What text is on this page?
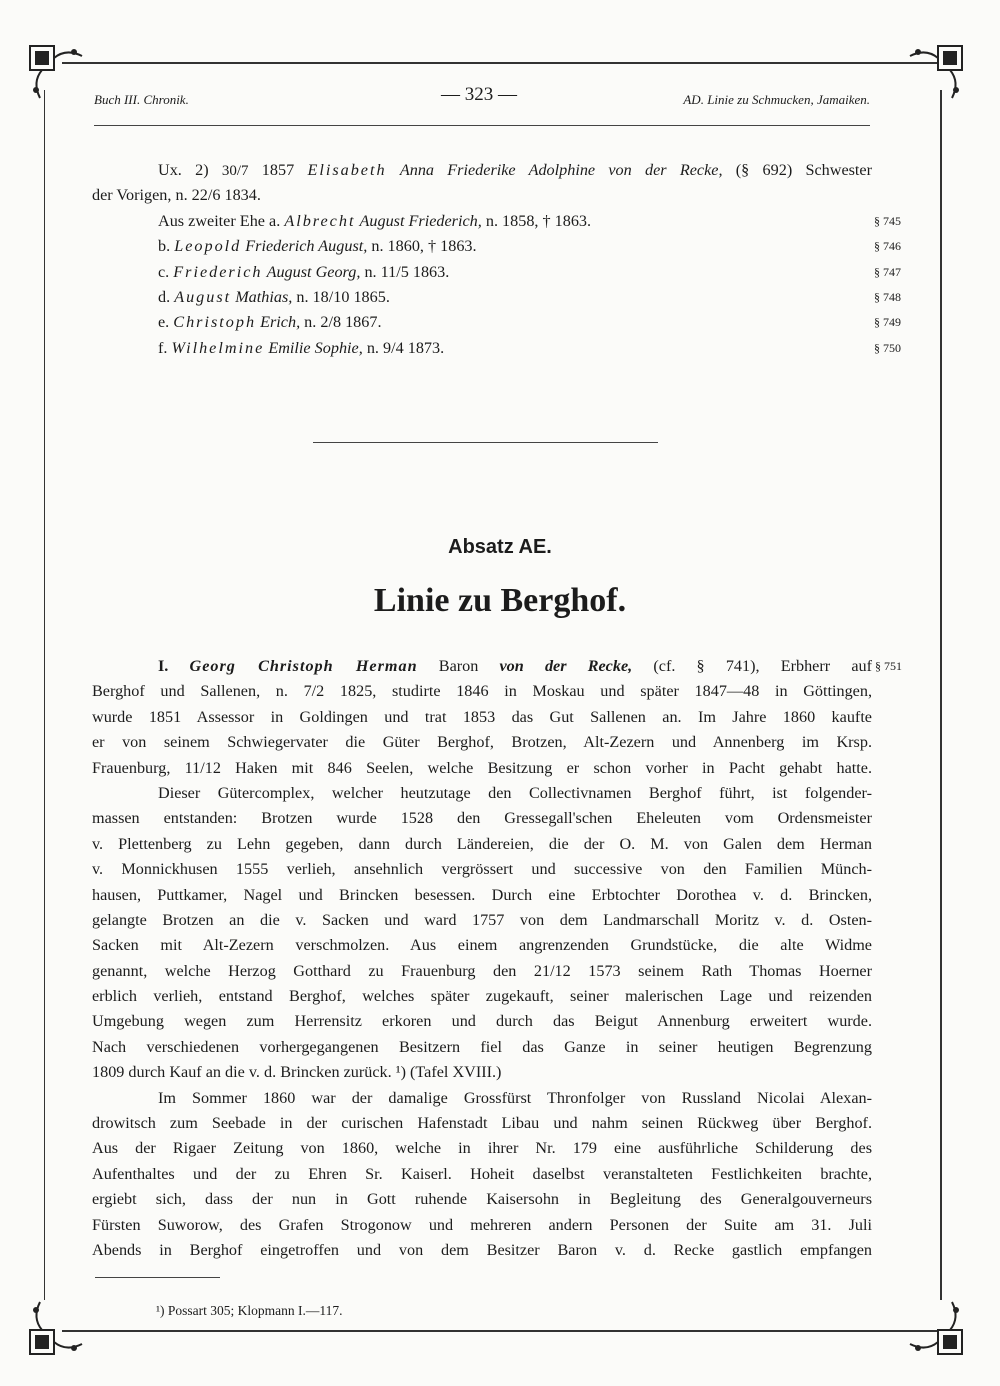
Buch III. Chronik.	— 323 —	AD. Linie zu Schmucken, Jamaiken.
Ux. 2) 30/7 1857 Elisabeth Anna Friederike Adolphine von der Recke, (§ 692) Schwester
der Vorigen, n. 22/6 1834.
Aus zweiter Ehe a. Albrecht August Friederich, n. 1858, † 1863.	§ 745
b. Leopold Friederich August, n. 1860, † 1863.	§ 746
c. Friederich August Georg, n. 11/5 1863.	§ 747
d. August Mathias, n. 18/10 1865.	§ 748
e. Christoph Erich, n. 2/8 1867.	§ 749
f. Wilhelmine Emilie Sophie, n. 9/4 1873.	§ 750
Absatz AE.
Linie zu Berghof.
I. Georg Christoph Herman Baron von der Recke, (cf. § 741), Erbherr auf § 751
Berghof und Sallenen, n. 7/2 1825, studirte 1846 in Moskau und später 1847—48 in Göttingen,
wurde 1851 Assessor in Goldingen und trat 1853 das Gut Sallenen an. Im Jahre 1860 kaufte
er von seinem Schwiegervater die Güter Berghof, Brotzen, Alt-Zezern und Annenberg im Krsp.
Frauenburg, 11/12 Haken mit 846 Seelen, welche Besitzung er schon vorher in Pacht gehabt hatte.
Dieser Gütercomplex, welcher heutzutage den Collectivnamen Berghof führt, ist folgender-
massen entstanden: Brotzen wurde 1528 den Gressegall'schen Eheleuten vom Ordensmeister
v. Plettenberg zu Lehn gegeben, dann durch Ländereien, die der O. M. von Galen dem Herman
v. Monnickhusen 1555 verlieh, ansehnlich vergrössert und successive von den Familien Münch-
hausen, Puttkamer, Nagel und Brincken besessen. Durch eine Erbtochter Dorothea v. d. Brincken,
gelangte Brotzen an die v. Sacken und ward 1757 von dem Landmarschall Moritz v. d. Osten-
Sacken mit Alt-Zezern verschmolzen. Aus einem angrenzenden Grundstücke, die alte Widme
genannt, welche Herzog Gotthard zu Frauenburg den 21/12 1573 seinem Rath Thomas Hoerner
erblich verlieh, entstand Berghof, welches später zugekauft, seiner malerischen Lage und reizenden
Umgebung wegen zum Herrensitz erkoren und durch das Beigut Annenburg erweitert wurde.
Nach verschiedenen vorhergegangenen Besitzern fiel das Ganze in seiner heutigen Begrenzung
1809 durch Kauf an die v. d. Brincken zurück. ¹) (Tafel XVIII.)
Im Sommer 1860 war der damalige Grossfürst Thronfolger von Russland Nicolai Alexan-
drowitsch zum Seebade in der curischen Hafenstadt Libau und nahm seinen Rückweg über Berghof.
Aus der Rigaer Zeitung von 1860, welche in ihrer Nr. 179 eine ausführliche Schilderung des
Aufenthaltes und der zu Ehren Sr. Kaiserl. Hoheit daselbst veranstalteten Festlichkeiten brachte,
ergiebt sich, dass der nun in Gott ruhende Kaisersohn in Begleitung des Generalgouverneurs
Fürsten Suworow, des Grafen Strogonow und mehreren andern Personen der Suite am 31. Juli
Abends in Berghof eingetroffen und von dem Besitzer Baron v. d. Recke gastlich empfangen
¹) Possart 305; Klopmann I.—117.
